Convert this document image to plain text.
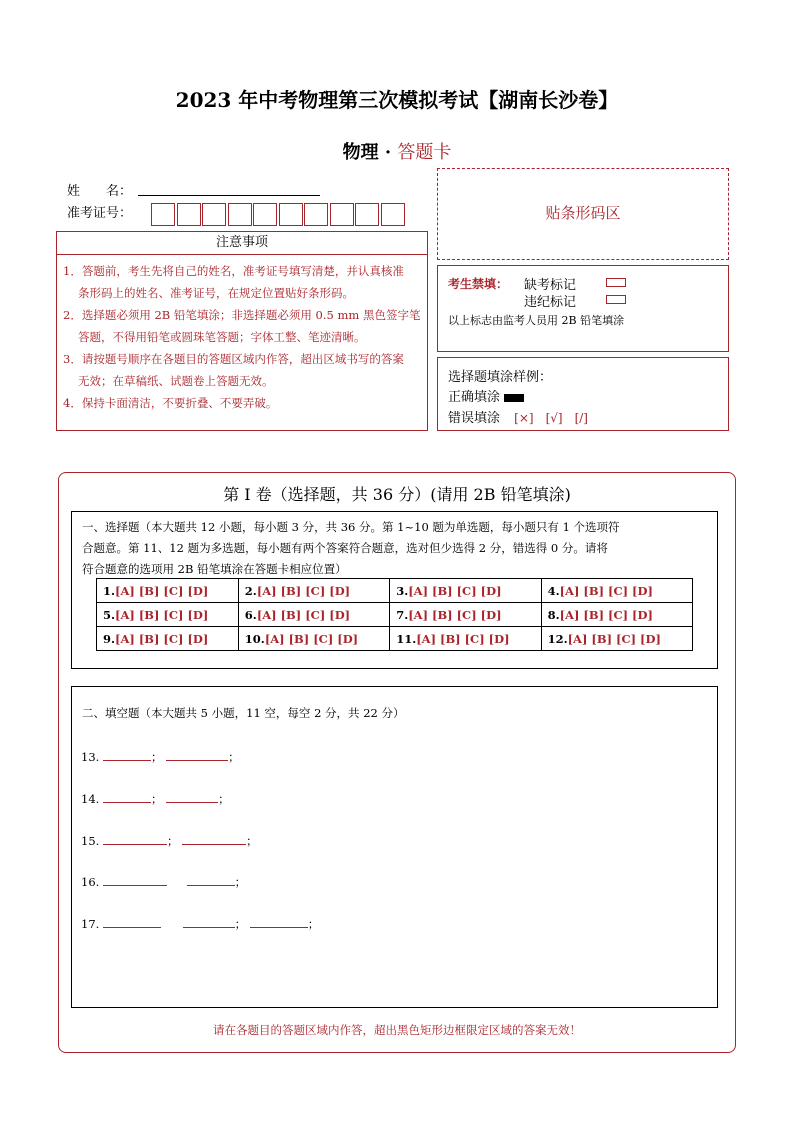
2023 年中考物理第三次模拟考试【湖南长沙卷】
物理 · 答题卡
姓　　名：
准考证号：	贴条形码区
注意事项

1．答题前，考生先将自己的姓名，准考证号填写清楚，并认真核准

条形码上的姓名、准考证号，在规定位置贴好条形码。

2．选择题必须用 2B 铅笔填涂；非选择题必须用 0.5 mm 黑色签字笔

答题，不得用铅笔或圆珠笔答题；字体工整、笔迹清晰。

3．请按题号顺序在各题目的答题区域内作答，超出区域书写的答案

无效；在草稿纸、试题卷上答题无效。

4．保持卡面清洁，不要折叠、不要弄破。

考生禁填： 缺考标记
违纪标记
以上标志由监考人员用 2B 铅笔填涂
选择题填涂样例：
正确填涂
错误填涂 [×]　[√]　[/]
第 I 卷（选择题，共 36 分）(请用 2B 铅笔填涂)
一、选择题（本大题共 12 小题，每小题 3 分，共 36 分。第 1~10 题为单选题，每小题只有 1 个选项符
合题意。第 11、12 题为多选题，每小题有两个答案符合题意，选对但少选得 2 分，错选得 0 分。请将
符合题意的选项用 2B 铅笔填涂在答题卡相应位置）
1.[A] [B] [C] [D]	2.[A] [B] [C] [D]	3.[A] [B] [C] [D]	4.[A] [B] [C] [D]
5.[A] [B] [C] [D]	6.[A] [B] [C] [D]	7.[A] [B] [C] [D]	8.[A] [B] [C] [D]
9.[A] [B] [C] [D]	10.[A] [B] [C] [D]	11.[A] [B] [C] [D]	12.[A] [B] [C] [D]
二、填空题（本大题共 5 小题，11 空，每空 2 分，共 22 分）
13.	；	；
14.	；	；
15.	；	；
16.	；
17.	；	；
请在各题目的答题区域内作答，超出黑色矩形边框限定区域的答案无效！
